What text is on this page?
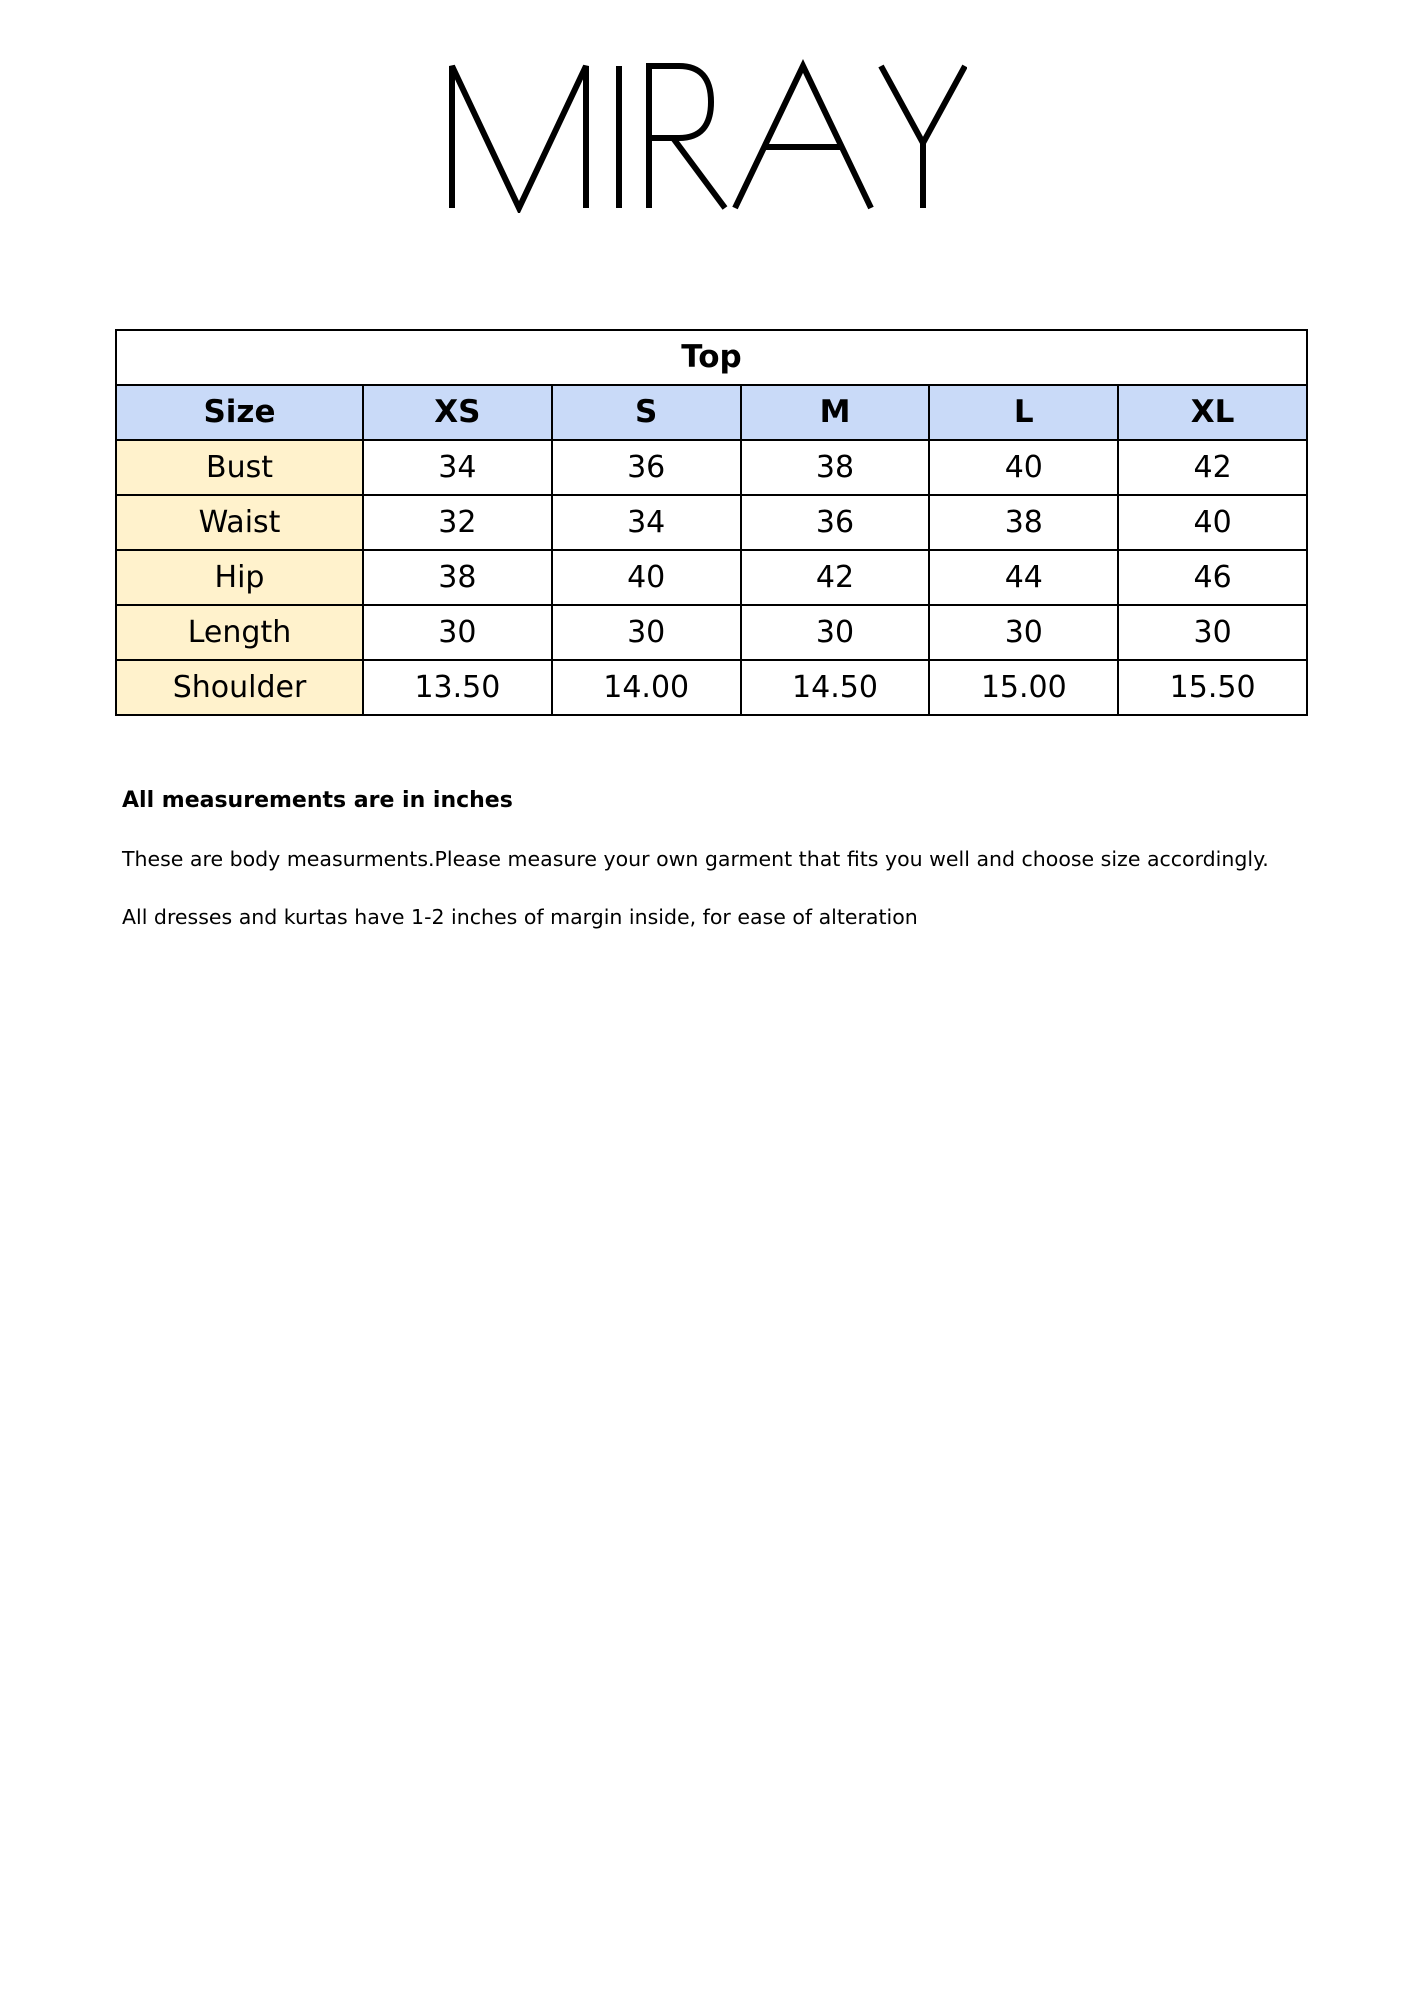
Top					
Size	XS	S	M	L	XL
Bust	34	36	38	40	42
Waist	32	34	36	38	40
Hip	38	40	42	44	46
Length	30	30	30	30	30
Shoulder	13.50	14.00	14.50	15.00	15.50

All measurements are in inches

These are body measurments.Please measure your own garment that fits you well and choose size accordingly.

All dresses and kurtas have 1-2 inches of margin inside, for ease of alteration
